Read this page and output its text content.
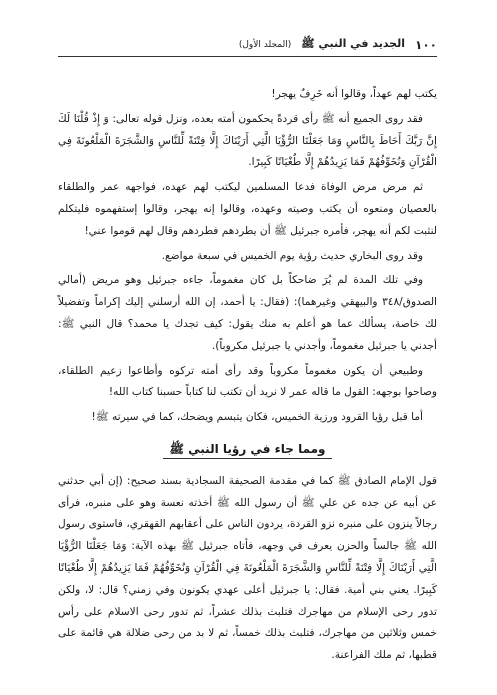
١٠٠
الجديد في النبي ﷺ
(المجلد الأول)

يكتب لهم عهداً، وقالوا أنه خَرِفٌ يهجر!

فقد روى الجميع أنه ﷺ رأى قردةً يحكمون أمته بعده، ونزل قوله تعالى: وَ إِذْ قُلْنَا لَكَ إِنَّ رَبَّكَ أَحَاطَ بِالنَّاسِ وَمَا جَعَلْنَا الرُّؤْيَا الَّتِي أَرَيْنَاكَ إِلَّا فِتْنَةً لِّلنَّاسِ وَالشَّجَرَةَ الْمَلْعُونَةَ فِي الْقُرْآنِ وَنُخَوِّفُهُمْ فَمَا يَزِيدُهُمْ إِلَّا طُغْيَانًا كَبِيرًا.

ثم مرض مرض الوفاة فدعا المسلمين ليكتب لهم عهده، فواجهه عمر والطلقاء بالعصيان ومنعوه أن يكتب وصيته وعهده، وقالوا إنه يهجر، وقالوا إستفهموه فليتكلم لنثبت لكم أنه يهجر، فأمره جبرئيل ﷺ أن يطردهم فطردهم وقال لهم قوموا عني!

وقد روى البخاري حديث رؤية يوم الخميس في سبعة مواضع.

وفي تلك المدة لم يُرَ ضاحكاً بل كان مغموماً، جاءه جبرئيل وهو مريض (أمالي الصدوق/٣٤٨ والبيهقي وغيرهما): (فقال: يا أحمد، إن الله أرسلني إليك إكراماً وتفضيلاً لك خاصة، يسألك عما هو أعلم به منك يقول: كيف تجدك يا محمد؟ قال النبي ﷺ: أجدني يا جبرئيل مغموماً، وأجدني يا جبرئيل مكروباً).

وطبيعي أن يكون مغموماً مكروباً وقد رأى أمته تركوه وأطاعوا زعيم الطلقاء، وصاحوا بوجهه: القول ما قاله عمر لا نريد أن تكتب لنا كتاباً حسبنا كتاب الله!

أما قبل رؤيا القرود ورزية الخميس، فكان يتبسم ويضحك، كما في سيرته ﷺ!

ومما جاء في رؤيا النبي ﷺ

قول الإمام الصادق ﷺ كما في مقدمة الصحيفة السجادية بسند صحيح: (إن أبي حدثني عن أبيه عن جده عن علي ﷺ أن رسول الله ﷺ أخذته نعسة وهو على منبره، فرأى رجالاً ينزون على منبره نزو القردة، يردون الناس على أعقابهم القهقري، فاستوى رسول الله ﷺ جالساً والحزن يعرف في وجهه، فأتاه جبرئيل ﷺ بهذه الآية: وَمَا جَعَلْنَا الرُّؤْيَا الَّتِي أَرَيْنَاكَ إِلَّا فِتْنَةً لِّلنَّاسِ وَالشَّجَرَةَ الْمَلْعُونَةَ فِي الْقُرْآنِ وَنُخَوِّفُهُمْ فَمَا يَزِيدُهُمْ إِلَّا طُغْيَانًا كَبِيرًا. يعني بني أمية. فقال: يا جبرئيل أعلى عهدي يكونون وفي زمني؟ قال: لا، ولكن تدور رحى الإسلام من مهاجرك فتلبث بذلك عشراً، ثم تدور رحى الاسلام على رأس خمس وثلاثين من مهاجرك، فتلبث بذلك خمساً، ثم لا بد من رحى ضلالة هي قائمة على قطبها، ثم ملك الفراعنة.
